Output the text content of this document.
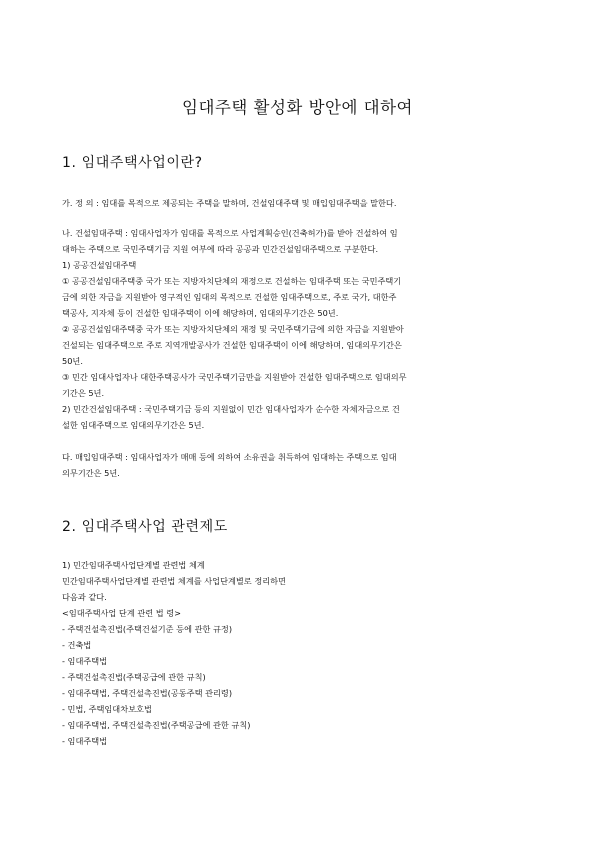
임대주택 활성화 방안에 대하여
1. 임대주택사업이란?
가. 정 의 : 임대를 목적으로 제공되는 주택을 말하며, 건설임대주택 및 매입임대주택을 말한다.
나. 건설임대주택 : 임대사업자가 임대를 목적으로 사업계획승인(건축허가)를 받아 건설하여 임
대하는 주택으로 국민주택기금 지원 여부에 따라 공공과 민간건설임대주택으로 구분한다.
1) 공공건설임대주택
① 공공건설임대주택중 국가 또는 지방자치단체의 재정으로 건설하는 임대주택 또는 국민주택기
금에 의한 자금을 지원받아 영구적인 임대의 목적으로 건설한 임대주택으로, 주로 국가, 대한주
택공사, 지자체 등이 건설한 임대주택이 이에 해당하며, 임대의무기간은 50년.
② 공공건설임대주택중 국가 또는 지방자치단체의 재정 및 국민주택기금에 의한 자금을 지원받아
건설되는 임대주택으로 주로 지역개발공사가 건설한 임대주택이 이에 해당하며, 임대의무기간은
50년.
③ 민간 임대사업자나 대한주택공사가 국민주택기금만을 지원받아 건설한 임대주택으로 임대의무
기간은 5년.
2) 민간건설임대주택 : 국민주택기금 등의 지원없이 민간 임대사업자가 순수한 자체자금으로 건
설한 임대주택으로 임대의무기간은 5년.
다. 매입임대주택 : 임대사업자가 매매 등에 의하여 소유권을 취득하여 임대하는 주택으로 임대
의무기간은 5년.
2. 임대주택사업 관련제도
1) 민간임대주택사업단계별 관련법 체계
민간임대주택사업단계별 관련법 체계를 사업단계별로 정리하면
다음과 같다.
<임대주택사업 단계 관련 법 령>
- 주택건설촉진법(주택건설기준 등에 관한 규정)
- 건축법
- 임대주택법
- 주택건설촉진법(주택공급에 관한 규칙)
- 임대주택법, 주택건설촉진법(공동주택 관리령)
- 민법, 주택임대차보호법
- 임대주택법, 주택건설촉진법(주택공급에 관한 규칙)
- 임대주택법
